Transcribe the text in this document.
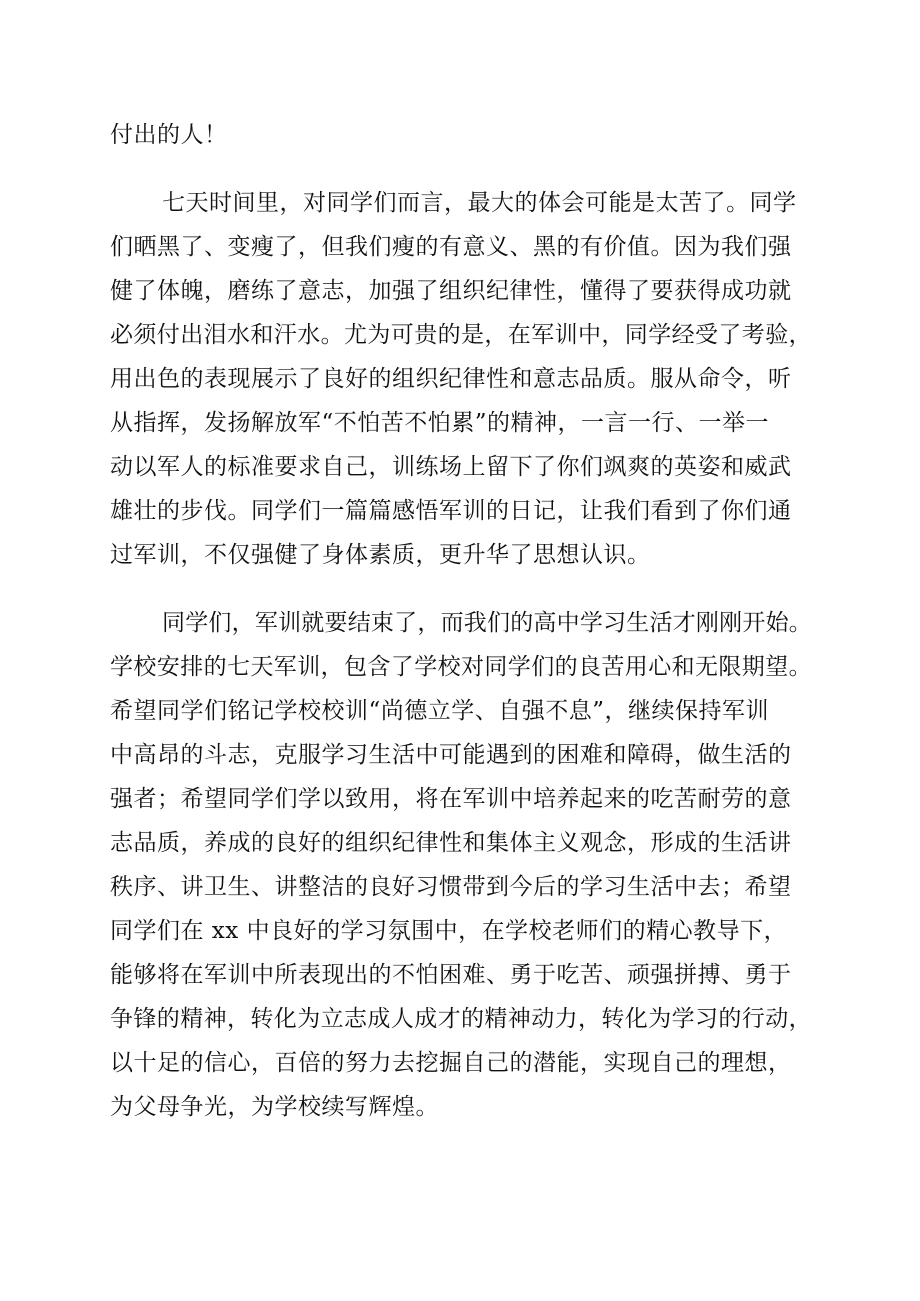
付出的人！

七天时间里，对同学们而言，最大的体会可能是太苦了。同学

们晒黑了、变瘦了，但我们瘦的有意义、黑的有价值。因为我们强

健了体魄，磨练了意志，加强了组织纪律性，懂得了要获得成功就

必须付出泪水和汗水。尤为可贵的是，在军训中，同学经受了考验，

用出色的表现展示了良好的组织纪律性和意志品质。服从命令，听

从指挥，发扬解放军“不怕苦不怕累”的精神，一言一行、一举一

动以军人的标准要求自己，训练场上留下了你们飒爽的英姿和威武

雄壮的步伐。同学们一篇篇感悟军训的日记，让我们看到了你们通

过军训，不仅强健了身体素质，更升华了思想认识。

同学们，军训就要结束了，而我们的高中学习生活才刚刚开始。

学校安排的七天军训，包含了学校对同学们的良苦用心和无限期望。

希望同学们铭记学校校训“尚德立学、自强不息”，继续保持军训

中高昂的斗志，克服学习生活中可能遇到的困难和障碍，做生活的

强者；希望同学们学以致用，将在军训中培养起来的吃苦耐劳的意

志品质，养成的良好的组织纪律性和集体主义观念，形成的生活讲

秩序、讲卫生、讲整洁的良好习惯带到今后的学习生活中去；希望

同学们在 xx 中良好的学习氛围中，在学校老师们的精心教导下，

能够将在军训中所表现出的不怕困难、勇于吃苦、顽强拼搏、勇于

争锋的精神，转化为立志成人成才的精神动力，转化为学习的行动，

以十足的信心，百倍的努力去挖掘自己的潜能，实现自己的理想，

为父母争光，为学校续写辉煌。
